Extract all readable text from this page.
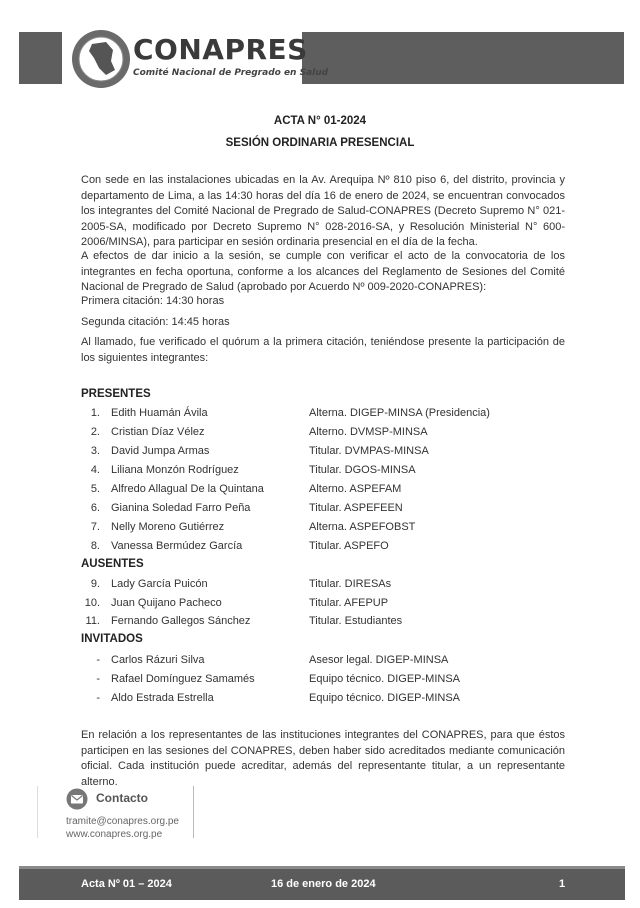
CONAPRES
Comité Nacional de Pregrado en Salud
ACTA N° 01-2024
SESIÓN ORDINARIA PRESENCIAL

Con sede en las instalaciones ubicadas en la Av. Arequipa Nº 810 piso 6, del distrito, provincia y departamento de Lima, a las 14:30 horas del día 16 de enero de 2024, se encuentran convocados los integrantes del Comité Nacional de Pregrado de Salud-CONAPRES (Decreto Supremo N° 021-2005-SA, modificado por Decreto Supremo N° 028-2016-SA, y Resolución Ministerial N° 600-2006/MINSA), para participar en sesión ordinaria presencial en el día de la fecha.

A efectos de dar inicio a la sesión, se cumple con verificar el acto de la convocatoria de los integrantes en fecha oportuna, conforme a los alcances del Reglamento de Sesiones del Comité Nacional de Pregrado de Salud (aprobado por Acuerdo Nº 009-2020-CONAPRES):

Primera citación: 14:30 horas

Segunda citación: 14:45 horas

Al llamado, fue verificado el quórum a la primera citación, teniéndose presente la participación de los siguientes integrantes:

PRESENTES
1. Edith Huamán Ávila	Alterna. DIGEP-MINSA (Presidencia)
2. Cristian Díaz Vélez	Alterno. DVMSP-MINSA
3. David Jumpa Armas	Titular. DVMPAS-MINSA
4. Liliana Monzón Rodríguez	Titular. DGOS-MINSA
5. Alfredo Allagual De la Quintana	Alterno. ASPEFAM
6. Gianina Soledad Farro Peña	Titular. ASPEFEEN
7. Nelly Moreno Gutiérrez	Alterna. ASPEFOBST
8. Vanessa Bermúdez García	Titular. ASPEFO
AUSENTES
9. Lady García Puicón	Titular. DIRESAs
10. Juan Quijano Pacheco	Titular. AFEPUP
11. Fernando Gallegos Sánchez	Titular. Estudiantes
INVITADOS
- Carlos Rázuri Silva	Asesor legal. DIGEP-MINSA
- Rafael Domínguez Samamés	Equipo técnico. DIGEP-MINSA
- Aldo Estrada Estrella	Equipo técnico. DIGEP-MINSA

En relación a los representantes de las instituciones integrantes del CONAPRES, para que éstos participen en las sesiones del CONAPRES, deben haber sido acreditados mediante comunicación oficial. Cada institución puede acreditar, además del representante titular, a un representante alterno.

Contacto
tramite@conapres.org.pe
www.conapres.org.pe
Acta Nº 01 – 2024	16 de enero de 2024	1
